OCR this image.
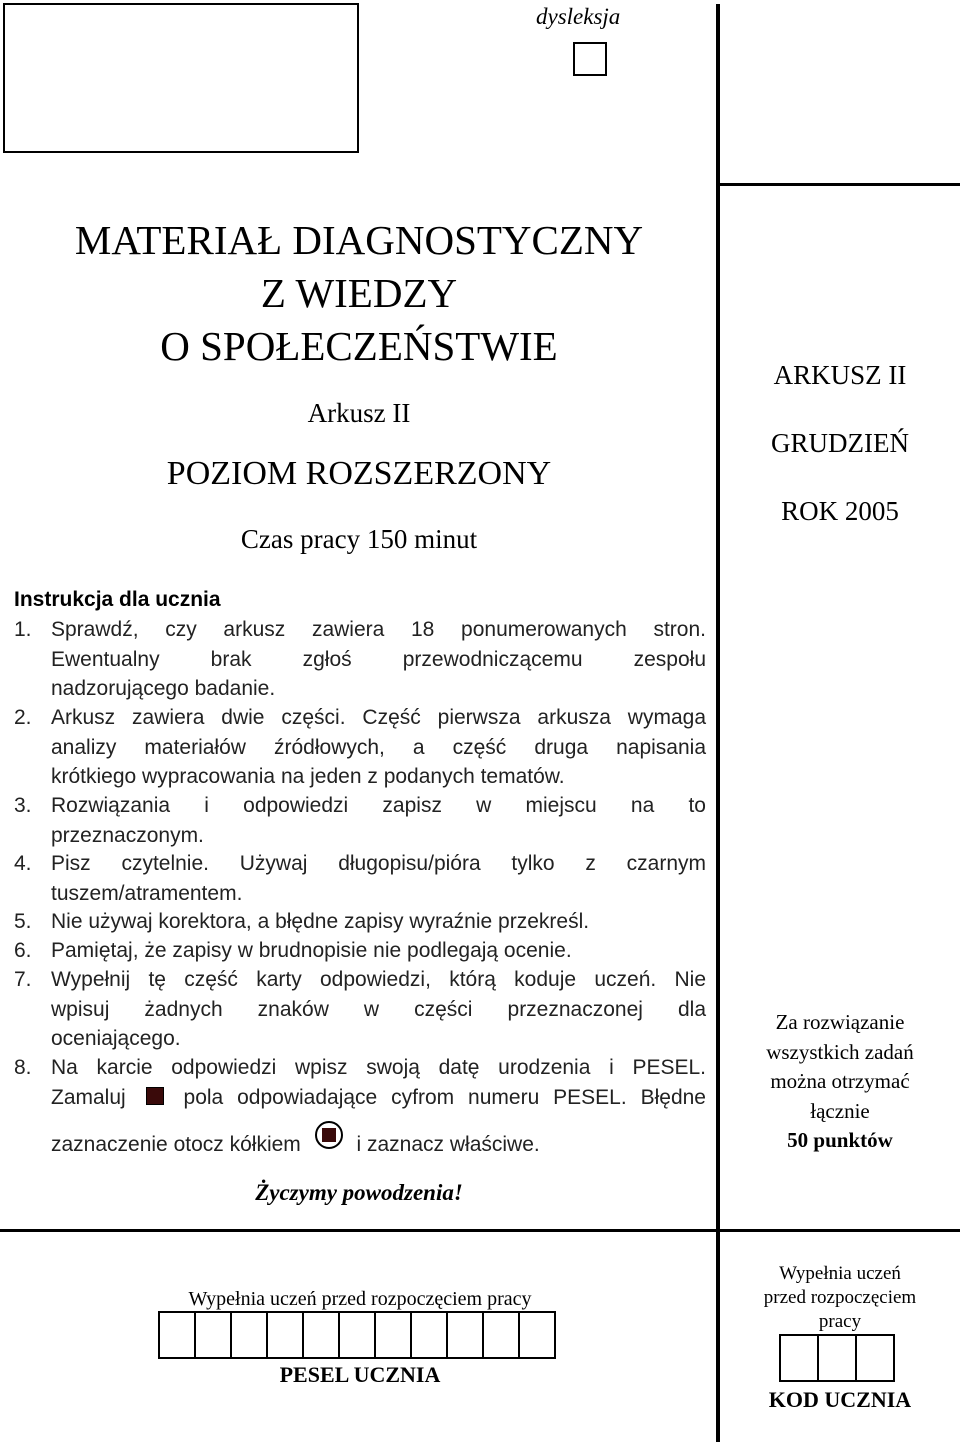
dysleksja
MATERIAŁ DIAGNOSTYCZNY
Z WIEDZY
O SPOŁECZEŃSTWIE
Arkusz II
POZIOM ROZSZERZONY
Czas pracy 150 minut
ARKUSZ II
GRUDZIEŃ
ROK 2005
Za rozwiązanie
wszystkich zadań
można otrzymać
łącznie
50 punktów
Instrukcja dla ucznia
1. Sprawdź, czy arkusz zawiera 18 ponumerowanych stron.
Ewentualny brak zgłoś przewodniczącemu zespołu
nadzorującego badanie.
2. Arkusz zawiera dwie części. Część pierwsza arkusza wymaga
analizy materiałów źródłowych, a część druga napisania
krótkiego wypracowania na jeden z podanych tematów.
3. Rozwiązania i odpowiedzi zapisz w miejscu na to
przeznaczonym.
4. Pisz czytelnie. Używaj długopisu/pióra tylko z czarnym
tuszem/atramentem.
5. Nie używaj korektora, a błędne zapisy wyraźnie przekreśl.
6. Pamiętaj, że zapisy w brudnopisie nie podlegają ocenie.
7. Wypełnij tę część karty odpowiedzi, którą koduje uczeń. Nie
wpisuj żadnych znaków w części przeznaczonej dla
oceniającego.
8. Na karcie odpowiedzi wpisz swoją datę urodzenia i PESEL.
Zamaluj	pola odpowiadające cyfrom numeru PESEL. Błędne
zaznaczenie otocz kółkiem	i zaznacz właściwe.
Życzymy powodzenia!
Wypełnia uczeń przed rozpoczęciem pracy
PESEL UCZNIA
Wypełnia uczeń
przed rozpoczęciem
pracy
KOD UCZNIA
